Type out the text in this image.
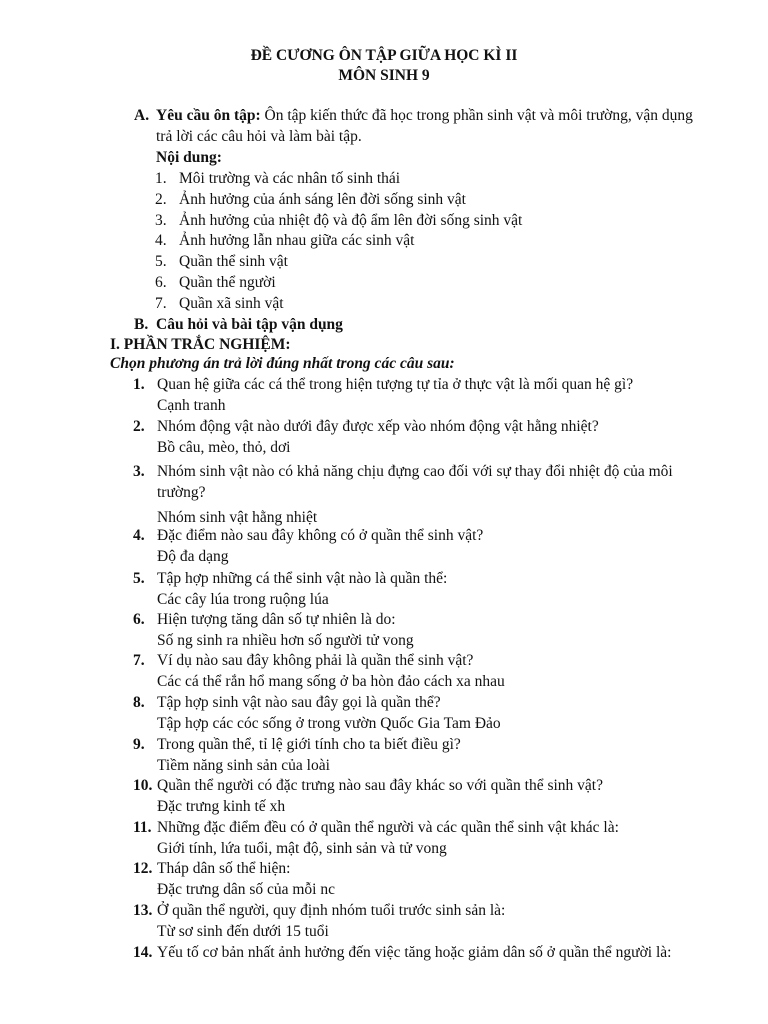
ĐỀ CƯƠNG ÔN TẬP GIỮA HỌC KÌ II
MÔN SINH 9
A. Yêu cầu ôn tập: Ôn tập kiến thức đã học trong phần sinh vật và môi trường, vận dụng trả lời các câu hỏi và làm bài tập.
Nội dung:
1. Môi trường và các nhân tố sinh thái
2. Ảnh hưởng của ánh sáng lên đời sống sinh vật
3. Ảnh hưởng của nhiệt độ và độ ẩm lên đời sống sinh vật
4. Ảnh hưởng lẫn nhau giữa các sinh vật
5. Quần thể sinh vật
6. Quần thể người
7. Quần xã sinh vật
B. Câu hỏi và bài tập vận dụng
I. PHẦN TRẮC NGHIỆM:
Chọn phương án trả lời đúng nhất trong các câu sau:
1. Quan hệ giữa các cá thể trong hiện tượng tự tỉa ở thực vật là mối quan hệ gì?
Cạnh tranh
2. Nhóm động vật nào dưới đây được xếp vào nhóm động vật hằng nhiệt?
Bồ câu, mèo, thỏ, dơi
3. Nhóm sinh vật nào có khả năng chịu đựng cao đối với sự thay đổi nhiệt độ của môi trường?
Nhóm sinh vật hằng nhiệt
4. Đặc điểm nào sau đây không có ở quần thể sinh vật?
Độ đa dạng
5. Tập hợp những cá thể sinh vật nào là quần thể:
Các cây lúa trong ruộng lúa
6. Hiện tượng tăng dân số tự nhiên là do:
Số ng sinh ra nhiều hơn số người tử vong
7. Ví dụ nào sau đây không phải là quần thể sinh vật?
Các cá thể rắn hổ mang sống ở ba hòn đảo cách xa nhau
8. Tập hợp sinh vật nào sau đây gọi là quần thể?
Tập hợp các cóc sống ở trong vườn Quốc Gia Tam Đảo
9. Trong quần thể, tỉ lệ giới tính cho ta biết điều gì?
Tiềm năng sinh sản của loài
10. Quần thể người có đặc trưng nào sau đây khác so với quần thể sinh vật?
Đặc trưng kinh tế xh
11. Những đặc điểm đều có ở quần thể người và các quần thể sinh vật khác là:
Giới tính, lứa tuổi, mật độ, sinh sản và tử vong
12. Tháp dân số thể hiện:
Đặc trưng dân số của mỗi nc
13. Ở quần thể người, quy định nhóm tuổi trước sinh sản là:
Từ sơ sinh đến dưới 15 tuổi
14. Yếu tố cơ bản nhất ảnh hưởng đến việc tăng hoặc giảm dân số ở quần thể người là:
